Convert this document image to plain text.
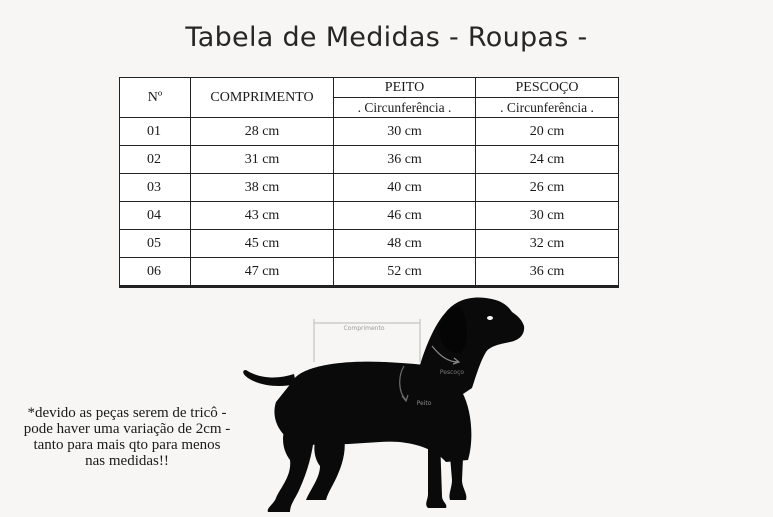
Tabela de Medidas - Roupas -
Nº	COMPRIMENTO	PEITO	PESCOÇO
		. Circunferência .	. Circunferência .
01	28 cm	30 cm	20 cm
02	31 cm	36 cm	24 cm
03	38 cm	40 cm	26 cm
04	43 cm	46 cm	30 cm
05	45 cm	48 cm	32 cm
06	47 cm	52 cm	36 cm
Comprimento
Pescoço
Peito
*devido as peças serem de tricô -
pode haver uma variação de 2cm -
tanto para mais qto para menos
nas medidas!!
